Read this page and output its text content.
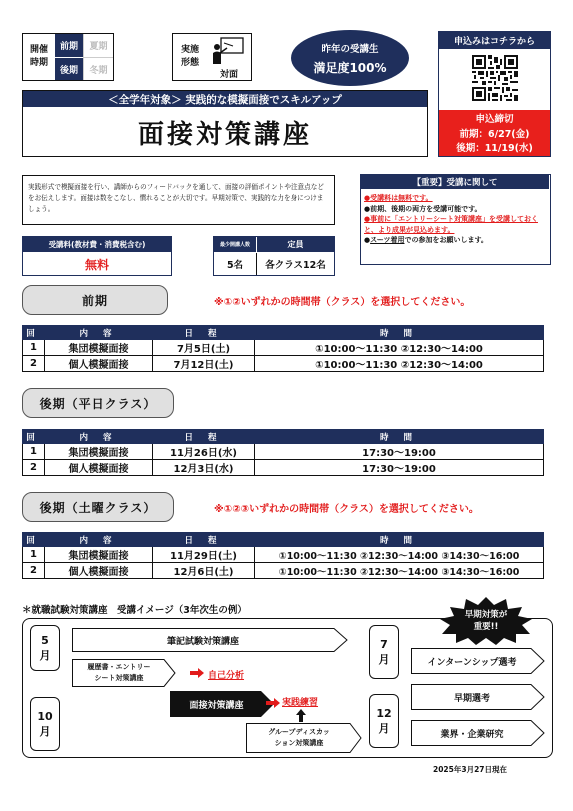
開催
時期
前期	夏期
後期	冬期
実施
形態
対面
昨年の受講生
満足度100%
申込みはコチラから
申込締切
前期：6/27(金)
後期：11/19(水)
＜全学年対象＞ 実践的な模擬面接でスキルアップ
面接対策講座
実践形式で模擬面接を行い、講師からのフィードバックを通して、面接の評価ポイントや注意点などをお伝えします。面接は数をこなし、慣れることが大切です。早期対策で、実践的な力を身につけましょう。
【重要】受講に関して
●受講料は無料です。
●前期、後期の両方を受講可能です。
●事前に「エントリーシート対策講座」を受講しておくと、より成果が見込めます。
●スーツ着用での参加をお願いします。
受講料(教材費・消費税含む)
無料
最少開講人数	定員
5名	各クラス12名
前期	※①②いずれかの時間帯（クラス）を選択してください。
回	内 容	日 程	時 間
1	集団模擬面接	7月5日(土)	①10:00～11:30 ②12:30～14:00
2	個人模擬面接	7月12日(土)	①10:00～11:30 ②12:30～14:00
後期（平日クラス）
回	内 容	日 程	時 間
1	集団模擬面接	11月26日(水)	17:30～19:00
2	個人模擬面接	12月3日(水)	17:30～19:00
後期（土曜クラス）	※①②③いずれかの時間帯（クラス）を選択してください。
回	内 容	日 程	時 間
1	集団模擬面接	11月29日(土)	①10:00～11:30 ②12:30～14:00 ③14:30～16:00
2	個人模擬面接	12月6日(土)	①10:00～11:30 ②12:30～14:00 ③14:30～16:00
＊就職試験対策講座　受講イメージ（3年次生の例）	早期対策が
重要!!
5
月
10
月
7
月
12
月
筆記試験対策講座
インターンシップ選考
早期選考
業界・企業研究
履歴書・エントリー
シート対策講座	自己分析
面接対策講座	実践練習
グループディスカッ
ション対策講座
2025年3月27日現在
